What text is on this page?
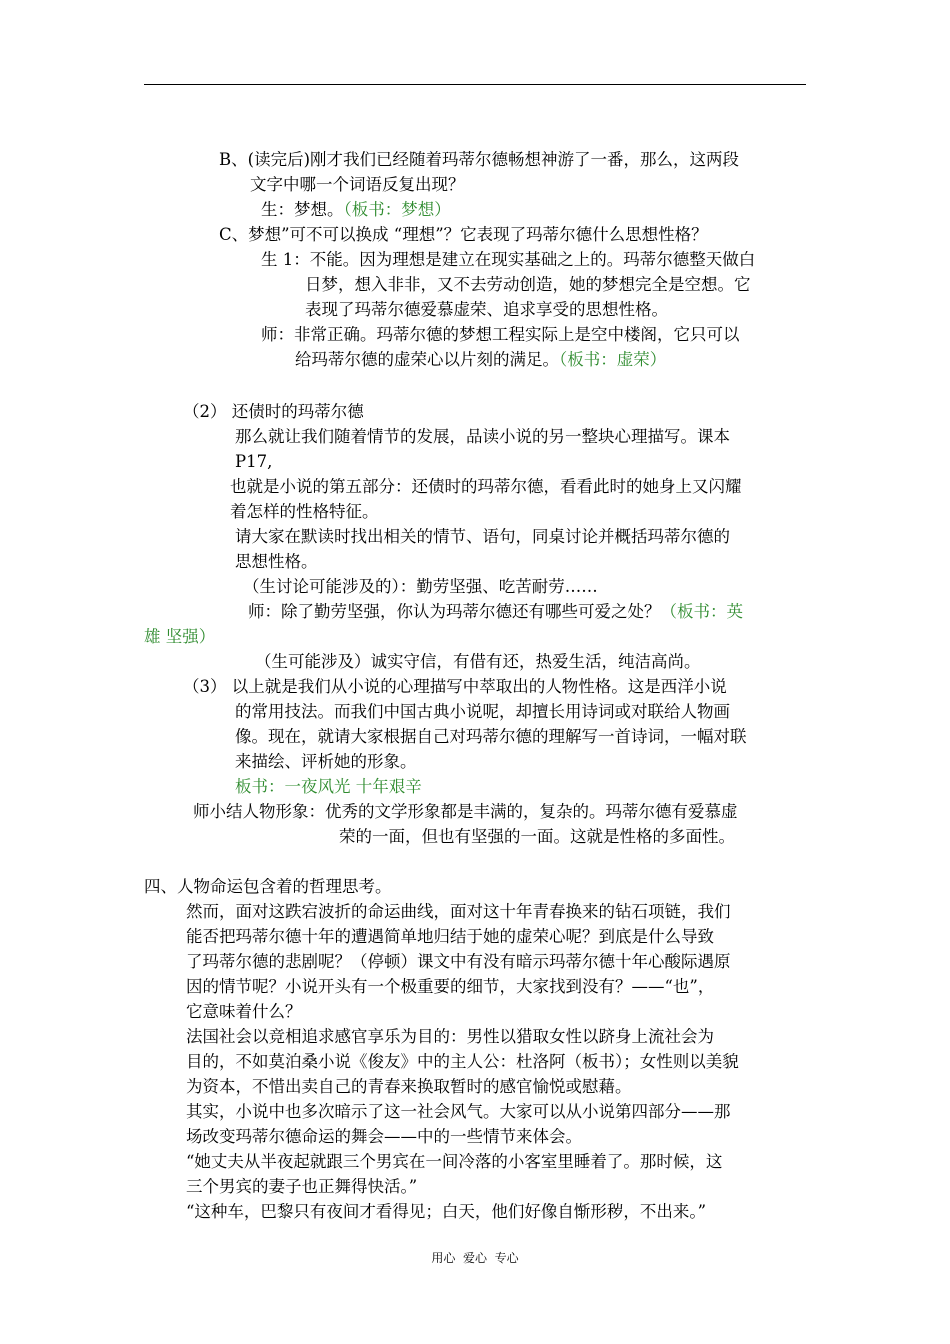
B、(读完后)刚才我们已经随着玛蒂尔德畅想神游了一番，那么，这两段
文字中哪一个词语反复出现？
生：梦想。（板书：梦想）
C、梦想”可不可以换成 “理想”？它表现了玛蒂尔德什么思想性格？
生 1：不能。因为理想是建立在现实基础之上的。玛蒂尔德整天做白
日梦，想入非非，又不去劳动创造，她的梦想完全是空想。它
表现了玛蒂尔德爱慕虚荣、追求享受的思想性格。
师：非常正确。玛蒂尔德的梦想工程实际上是空中楼阁，它只可以
给玛蒂尔德的虚荣心以片刻的满足。（板书：虚荣）
（2） 还债时的玛蒂尔德
那么就让我们随着情节的发展，品读小说的另一整块心理描写。课本
P17,
也就是小说的第五部分：还债时的玛蒂尔德，看看此时的她身上又闪耀
着怎样的性格特征。
请大家在默读时找出相关的情节、语句，同桌讨论并概括玛蒂尔德的
思想性格。
（生讨论可能涉及的）：勤劳坚强、吃苦耐劳……
师：除了勤劳坚强，你认为玛蒂尔德还有哪些可爱之处？（板书：英
雄 坚强）
（生可能涉及）诚实守信，有借有还，热爱生活，纯洁高尚。
（3） 以上就是我们从小说的心理描写中萃取出的人物性格。这是西洋小说
的常用技法。而我们中国古典小说呢，却擅长用诗词或对联给人物画
像。现在，就请大家根据自己对玛蒂尔德的理解写一首诗词，一幅对联
来描绘、评析她的形象。
板书：一夜风光 十年艰辛
师小结人物形象：优秀的文学形象都是丰满的，复杂的。玛蒂尔德有爱慕虚
荣的一面，但也有坚强的一面。这就是性格的多面性。
四、人物命运包含着的哲理思考。
然而，面对这跌宕波折的命运曲线，面对这十年青春换来的钻石项链，我们
能否把玛蒂尔德十年的遭遇简单地归结于她的虚荣心呢？到底是什么导致
了玛蒂尔德的悲剧呢？（停顿）课文中有没有暗示玛蒂尔德十年心酸际遇原
因的情节呢？小说开头有一个极重要的细节，大家找到没有？——“也”，
它意味着什么？
法国社会以竞相追求感官享乐为目的：男性以猎取女性以跻身上流社会为
目的，不如莫泊桑小说《俊友》中的主人公：杜洛阿（板书）；女性则以美貌
为资本，不惜出卖自己的青春来换取暂时的感官愉悦或慰藉。
其实，小说中也多次暗示了这一社会风气。大家可以从小说第四部分——那
场改变玛蒂尔德命运的舞会——中的一些情节来体会。
“她丈夫从半夜起就跟三个男宾在一间冷落的小客室里睡着了。那时候，这
三个男宾的妻子也正舞得快活。”
“这种车，巴黎只有夜间才看得见；白天，他们好像自惭形秽，不出来。”
用心  爱心  专心
